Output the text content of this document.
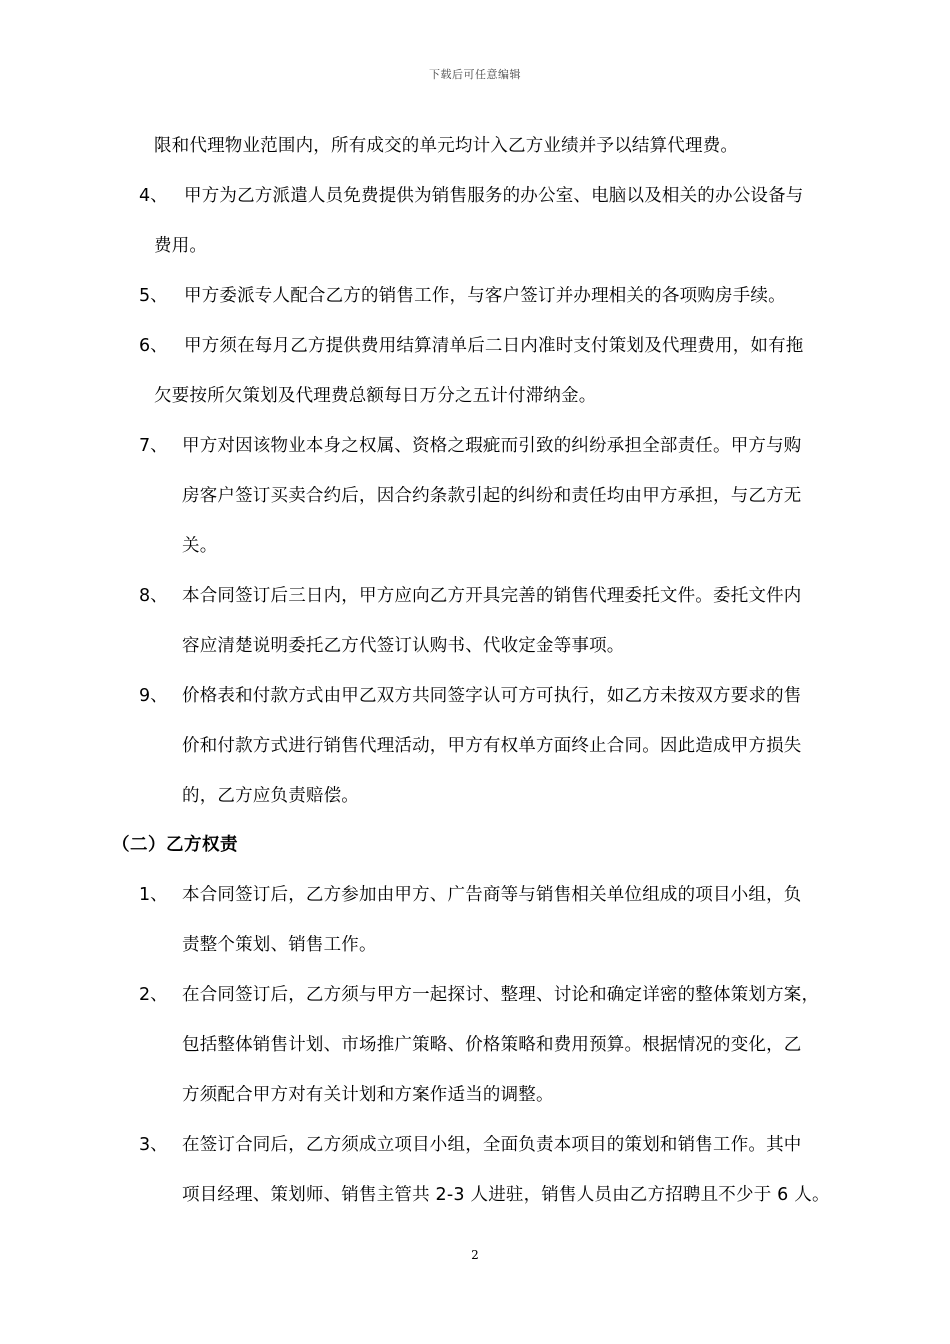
下载后可任意编辑
限和代理物业范围内，所有成交的单元均计入乙方业绩并予以结算代理费。
4、 甲方为乙方派遣人员免费提供为销售服务的办公室、电脑以及相关的办公设备与
费用。
5、 甲方委派专人配合乙方的销售工作，与客户签订并办理相关的各项购房手续。
6、 甲方须在每月乙方提供费用结算清单后二日内准时支付策划及代理费用，如有拖
欠要按所欠策划及代理费总额每日万分之五计付滞纳金。
7、 甲方对因该物业本身之权属、资格之瑕疵而引致的纠纷承担全部责任。甲方与购
房客户签订买卖合约后，因合约条款引起的纠纷和责任均由甲方承担，与乙方无
关。
8、 本合同签订后三日内，甲方应向乙方开具完善的销售代理委托文件。委托文件内
容应清楚说明委托乙方代签订认购书、代收定金等事项。
9、 价格表和付款方式由甲乙双方共同签字认可方可执行，如乙方未按双方要求的售
价和付款方式进行销售代理活动，甲方有权单方面终止合同。因此造成甲方损失
的，乙方应负责赔偿。
（二）乙方权责
1、 本合同签订后，乙方参加由甲方、广告商等与销售相关单位组成的项目小组，负
责整个策划、销售工作。
2、 在合同签订后，乙方须与甲方一起探讨、整理、讨论和确定详密的整体策划方案，
包括整体销售计划、市场推广策略、价格策略和费用预算。根据情况的变化，乙
方须配合甲方对有关计划和方案作适当的调整。
3、 在签订合同后，乙方须成立项目小组，全面负责本项目的策划和销售工作。其中
项目经理、策划师、销售主管共 2-3 人进驻，销售人员由乙方招聘且不少于 6 人。
2
